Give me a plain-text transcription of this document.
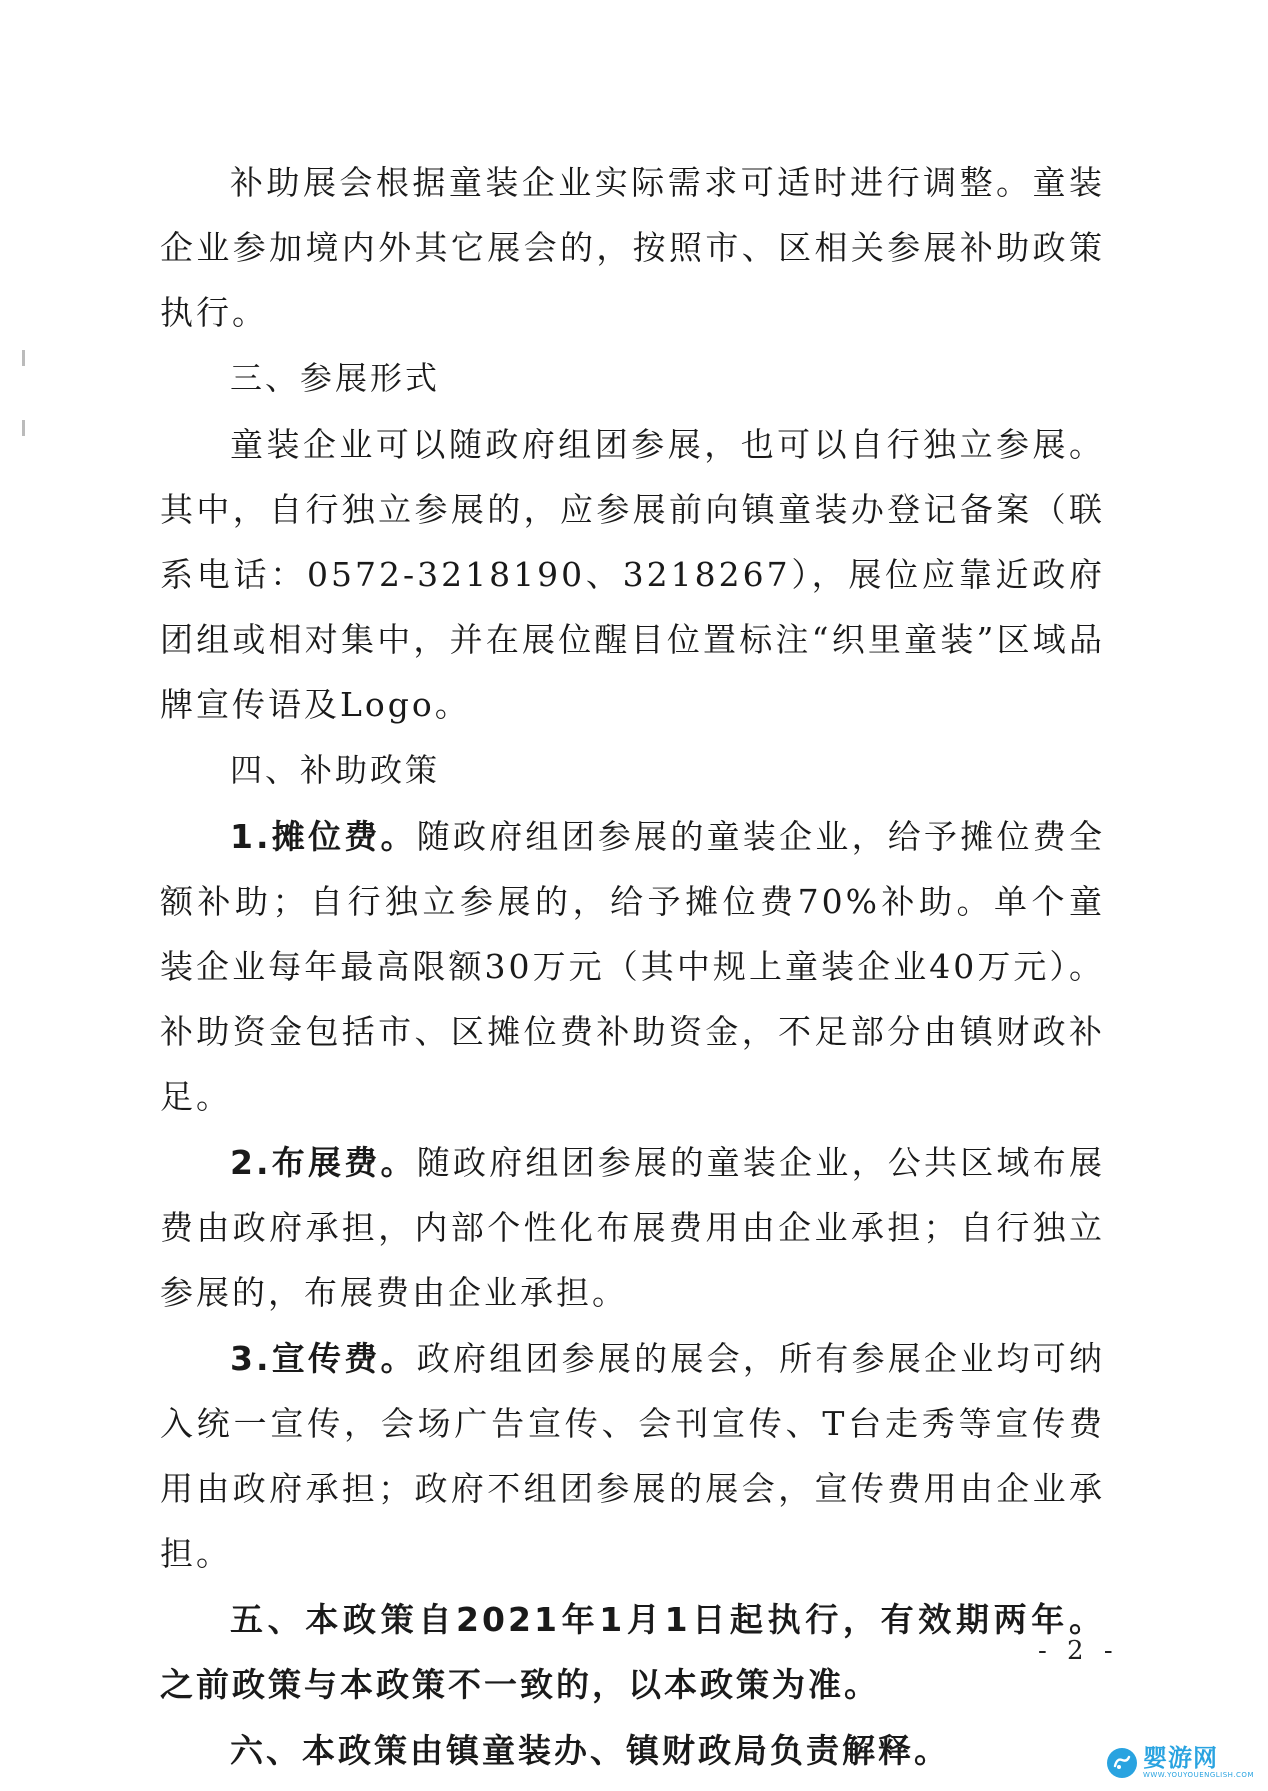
补助展会根据童装企业实际需求可适时进行调整。童装企业参加境内外其它展会的，按照市、区相关参展补助政策执行。

三、参展形式

童装企业可以随政府组团参展，也可以自行独立参展。其中，自行独立参展的，应参展前向镇童装办登记备案（联系电话：0572-3218190、3218267），展位应靠近政府团组或相对集中，并在展位醒目位置标注“织里童装”区域品牌宣传语及Logo。

四、补助政策

1.摊位费。随政府组团参展的童装企业，给予摊位费全额补助；自行独立参展的，给予摊位费70%补助。单个童装企业每年最高限额30万元（其中规上童装企业40万元）。补助资金包括市、区摊位费补助资金，不足部分由镇财政补足。

2.布展费。随政府组团参展的童装企业，公共区域布展费由政府承担，内部个性化布展费用由企业承担；自行独立参展的，布展费由企业承担。

3.宣传费。政府组团参展的展会，所有参展企业均可纳入统一宣传，会场广告宣传、会刊宣传、T台走秀等宣传费用由政府承担；政府不组团参展的展会，宣传费用由企业承担。

五、本政策自2021年1月1日起执行，有效期两年。之前政策与本政策不一致的，以本政策为准。

六、本政策由镇童装办、镇财政局负责解释。

- 2 -
婴游网
WWW.YOUYOUENGLISH.COM
